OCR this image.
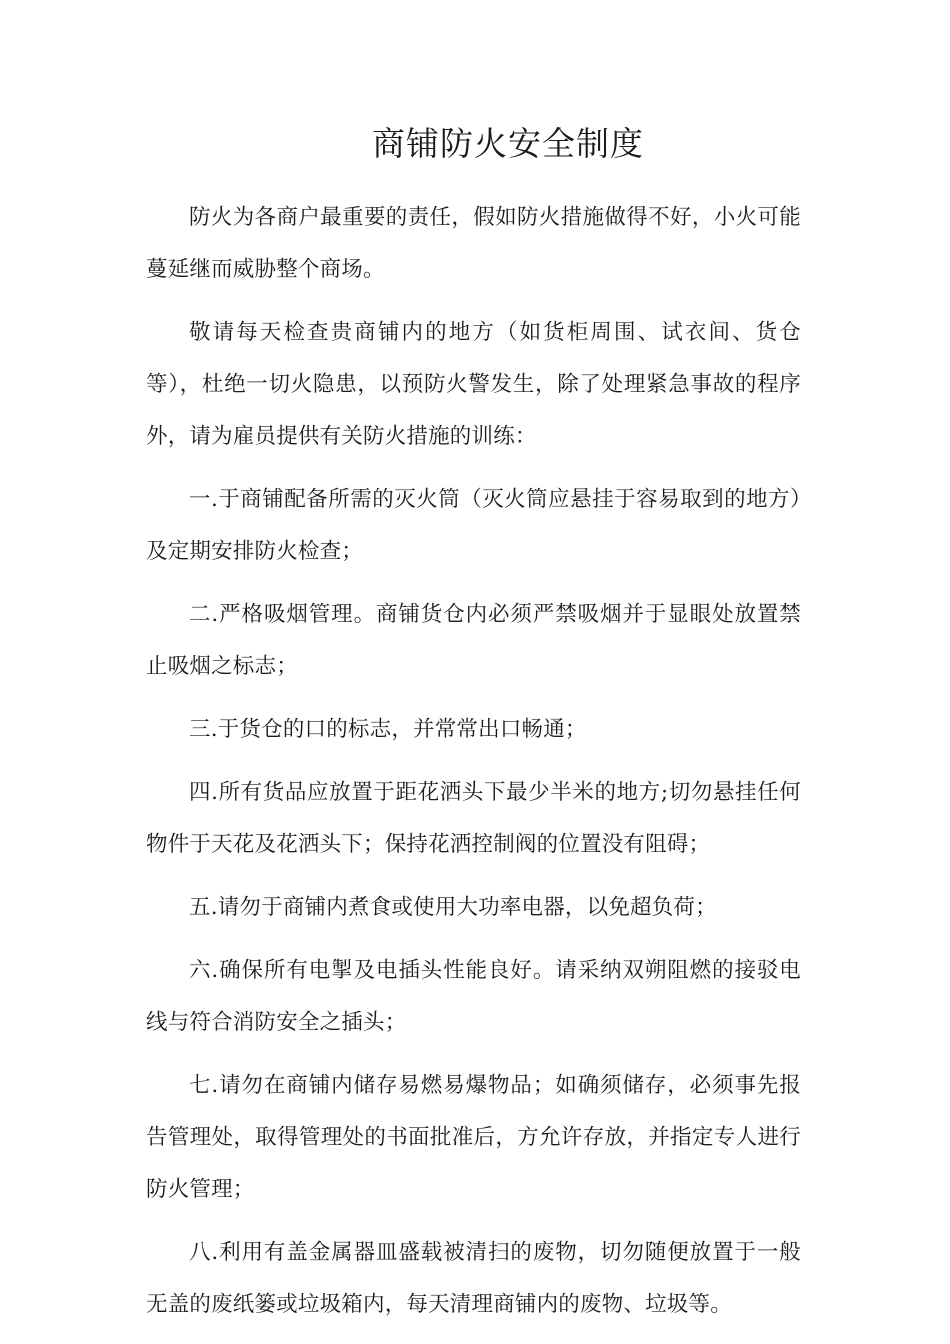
商铺防火安全制度

防火为各商户最重要的责任，假如防火措施做得不好，小火可能蔓延继而威胁整个商场。

敬请每天检查贵商铺内的地方（如货柜周围、试衣间、货仓等），杜绝一切火隐患，以预防火警发生，除了处理紧急事故的程序外，请为雇员提供有关防火措施的训练：

一.于商铺配备所需的灭火筒（灭火筒应悬挂于容易取到的地方）及定期安排防火检查；

二.严格吸烟管理。商铺货仓内必须严禁吸烟并于显眼处放置禁止吸烟之标志；

三.于货仓的口的标志，并常常出口畅通；

四.所有货品应放置于距花洒头下最少半米的地方;切勿悬挂任何物件于天花及花洒头下；保持花洒控制阀的位置没有阻碍；

五.请勿于商铺内煮食或使用大功率电器，以免超负荷；

六.确保所有电掣及电插头性能良好。请采纳双朔阻燃的接驳电线与符合消防安全之插头；

七.请勿在商铺内储存易燃易爆物品；如确须储存，必须事先报告管理处，取得管理处的书面批准后，方允许存放，并指定专人进行防火管理；

八.利用有盖金属器皿盛载被清扫的废物，切勿随便放置于一般无盖的废纸篓或垃圾箱内，每天清理商铺内的废物、垃圾等。
